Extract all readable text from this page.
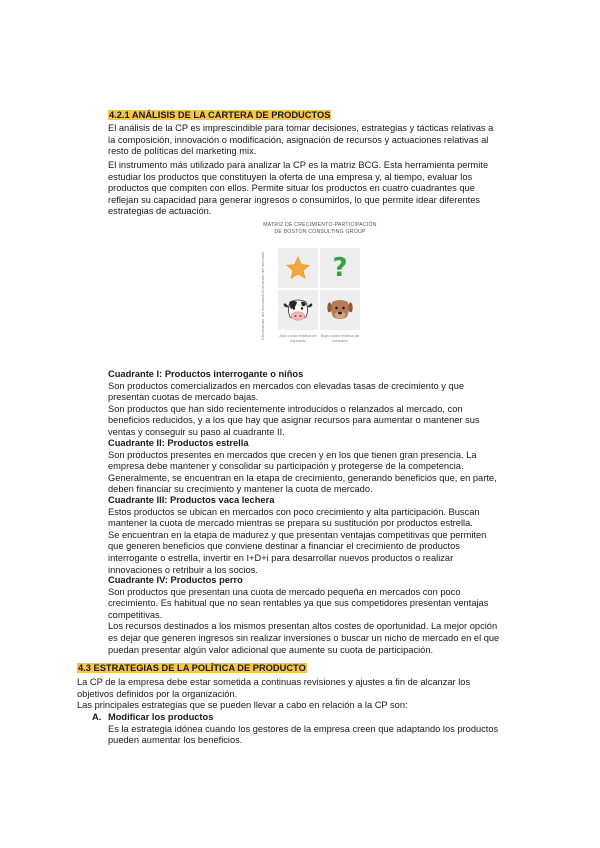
4.2.1 ANÁLISIS DE LA CARTERA DE PRODUCTOS
El análisis de la CP es imprescindible para tomar decisiones, estrategias y tácticas relativas a
la composición, innovación o modificación, asignación de recursos y actuaciones relativas al
resto de políticas del marketing mix.
El instrumento más utilizado para analizar la CP es la matriz BCG. Esta herramienta permite
estudiar los productos que constituyen la oferta de una empresa y, al tiempo, evaluar los
productos que compiten con ellos. Permite situar los productos en cuatro cuadrantes que
reflejan su capacidad para generar ingresos o consumirlos, lo que permite idear diferentes
estrategias de actuación.
MATRIZ DE CRECIMIENTO-PARTICIPACIÓN
DE BOSTON CONSULTING GROUP
Crecimiento del mercado
Crecimiento del mercado
?
Alta cuota relativa de mercado
Baja cuota relativa de mercado
Cuadrante I: Productos interrogante o niños
Son productos comercializados en mercados con elevadas tasas de crecimiento y que
presentan cuotas de mercado bajas.
Son productos que han sido recientemente introducidos o relanzados al mercado, con
beneficios reducidos, y a los que hay que asignar recursos para aumentar o mantener sus
ventas y conseguir su paso al cuadrante II.
Cuadrante II: Productos estrella
Son productos presentes en mercados que crecen y en los que tienen gran presencia. La
empresa debe mantener y consolidar su participación y protegerse de la competencia.
Generalmente, se encuentran en la etapa de crecimiento, generando beneficios que, en parte,
deben financiar su crecimiento y mantener la cuota de mercado.
Cuadrante III: Productos vaca lechera
Estos productos se ubican en mercados con poco crecimiento y alta participación. Buscan
mantener la cuota de mercado mientras se prepara su sustitución por productos estrella.
Se encuentran en la etapa de madurez y que presentan ventajas competitivas que permiten
que generen beneficios que conviene destinar a financiar el crecimiento de productos
interrogante o estrella, invertir en I+D+i para desarrollar nuevos productos o realizar
innovaciones o retribuir a los socios.
Cuadrante IV: Productos perro
Son productos que presentan una cuota de mercado pequeña en mercados con poco
crecimiento. Es habitual que no sean rentables ya que sus competidores presentan ventajas
competitivas.
Los recursos destinados a los mismos presentan altos costes de oportunidad. La mejor opción
es dejar que generen ingresos sin realizar inversiones o buscar un nicho de mercado en el que
puedan presentar algún valor adicional que aumente su cuota de participación.
4.3 ESTRATEGIAS DE LA POLÍTICA DE PRODUCTO
La CP de la empresa debe estar sometida a continuas revisiones y ajustes a fin de alcanzar los
objetivos definidos por la organización.
Las principales estrategias que se pueden llevar a cabo en relación a la CP son:
A. Modificar los productos
Es la estrategia idónea cuando los gestores de la empresa creen que adaptando los productos
pueden aumentar los beneficios.
